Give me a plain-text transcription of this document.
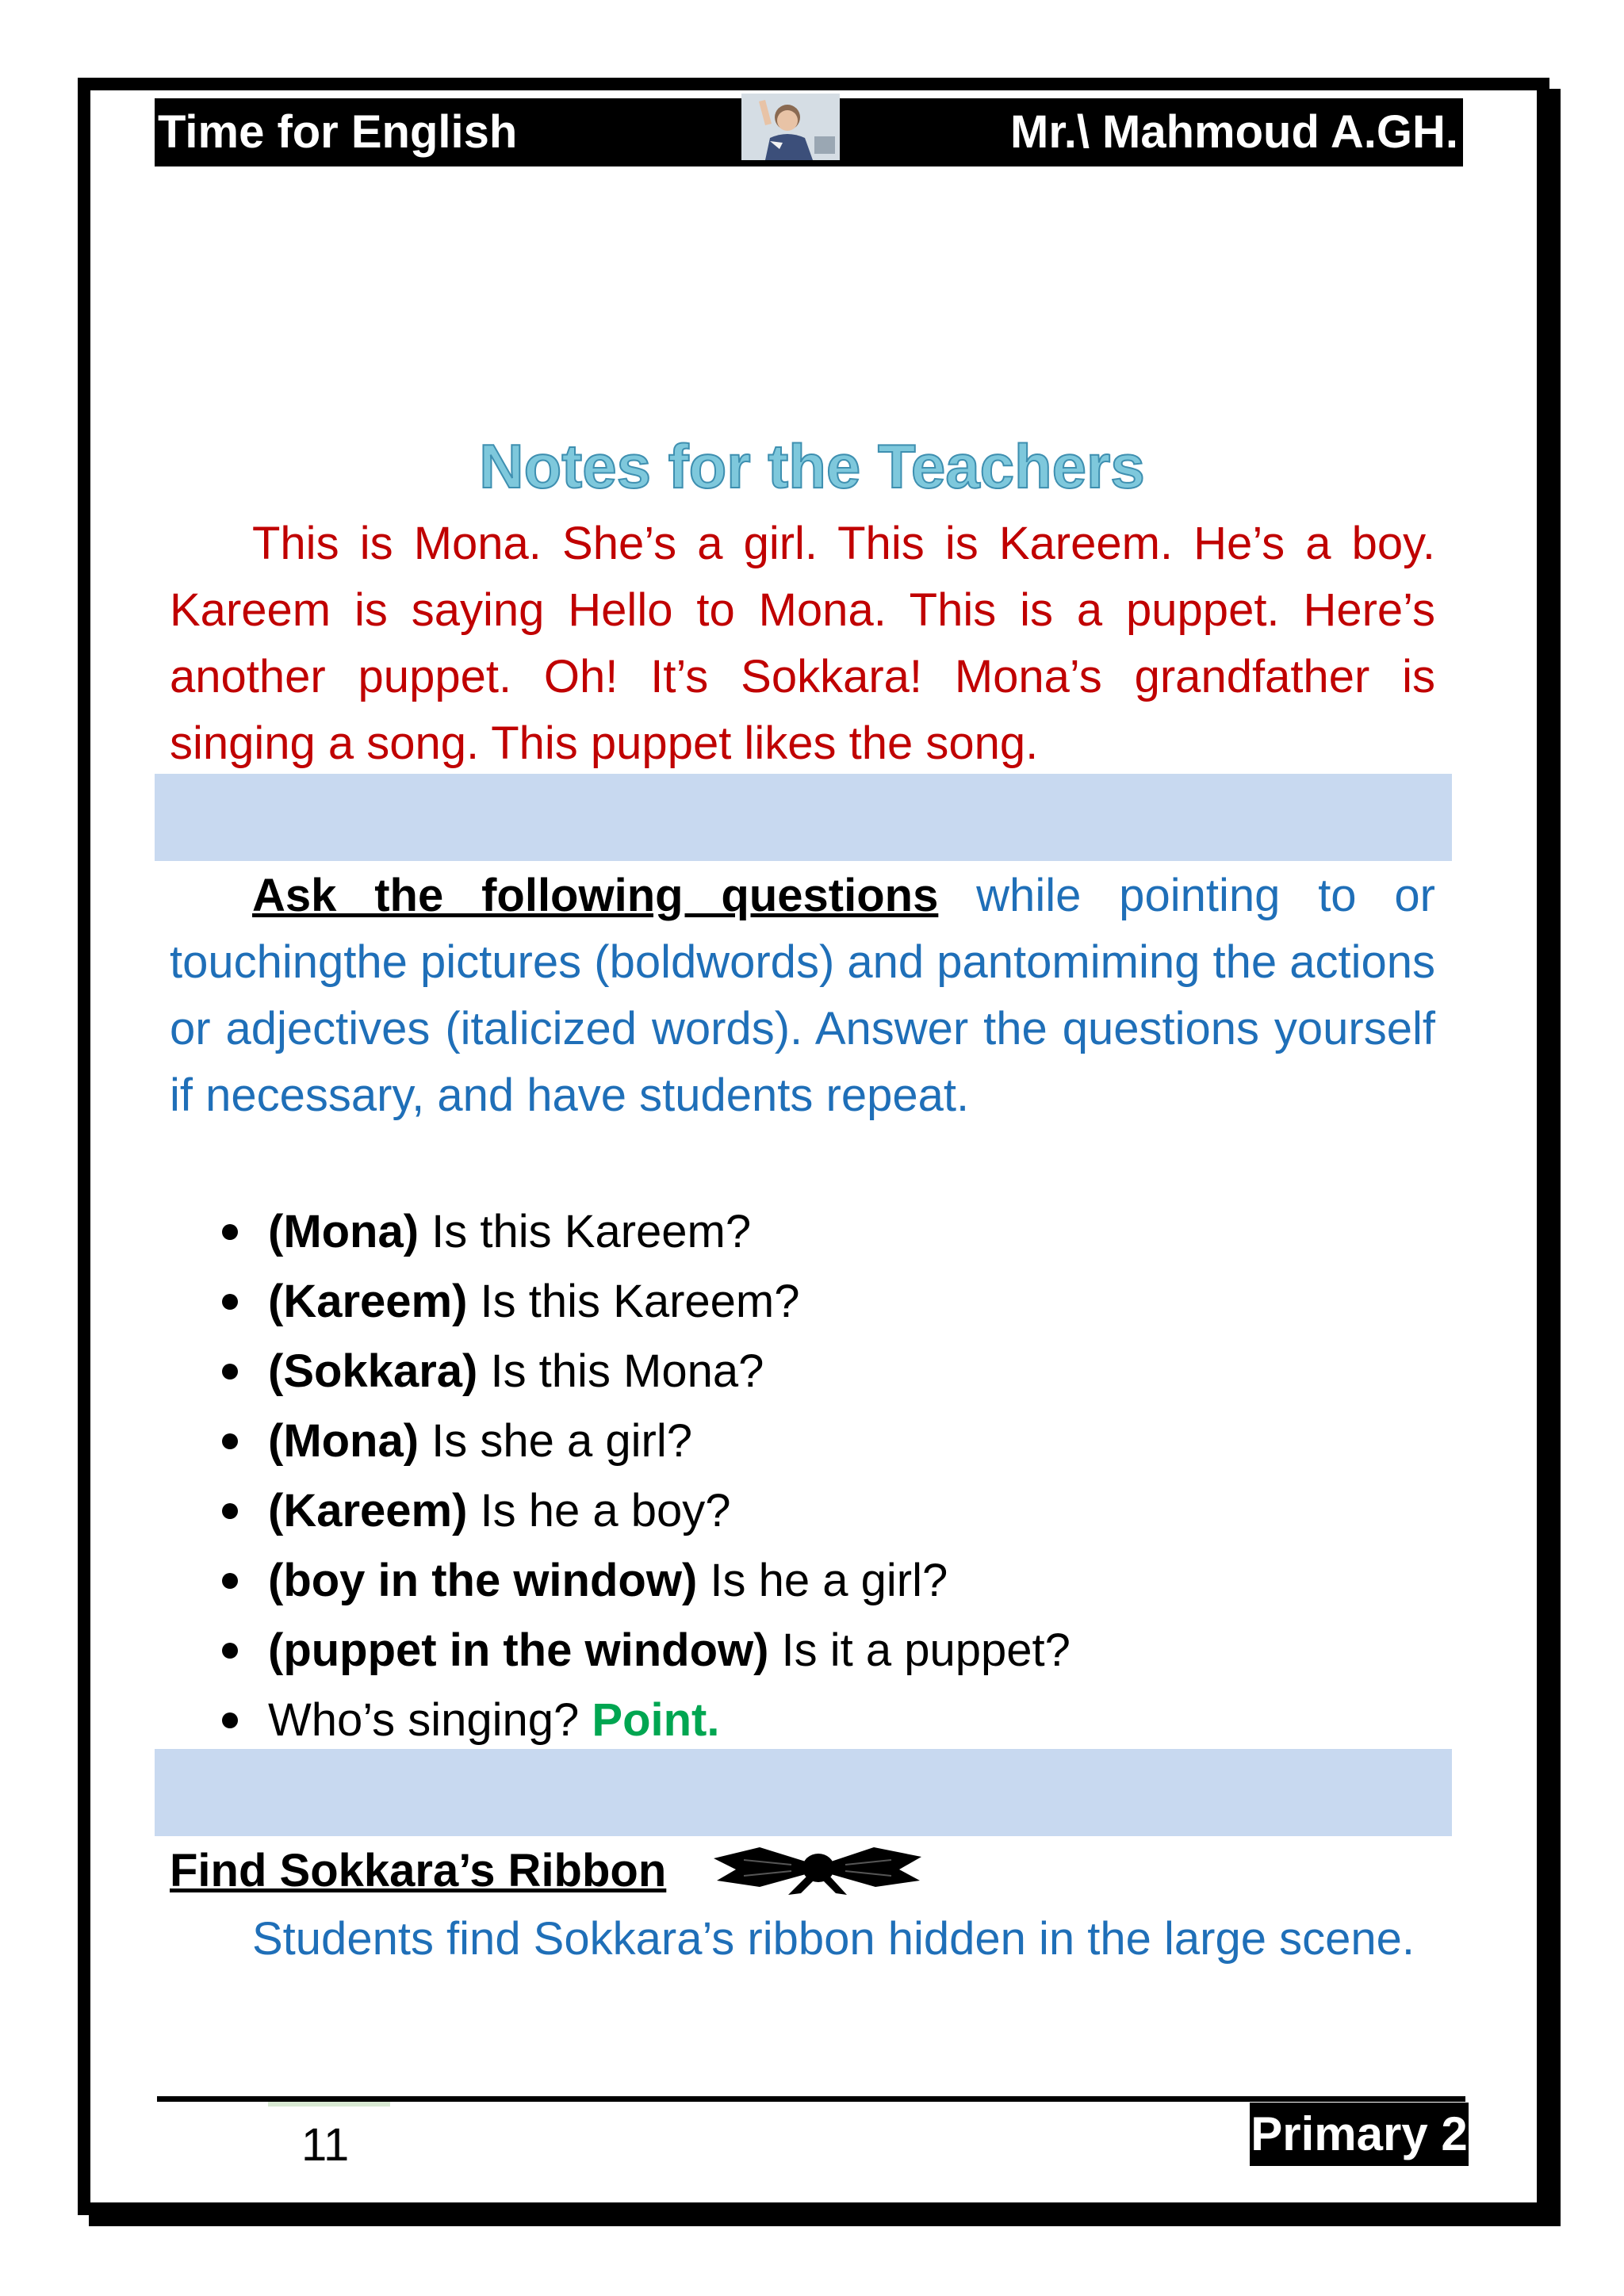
Time for English	Mr.\ Mahmoud A.GH.
Notes for the Teachers

This is Mona. She’s a girl. This is Kareem. He’s a boy. Kareem is saying Hello to Mona. This is a puppet. Here’s another puppet. Oh! It’s Sokkara! Mona’s grandfather is singing a song. This puppet likes the song.

Ask the following questions while pointing to or touchingthe pictures (boldwords) and pantomiming the actions or adjectives (italicized words). Answer the questions yourself if necessary, and have students repeat.

(Mona) Is this Kareem?
(Kareem) Is this Kareem?
(Sokkara) Is this Mona?
(Mona) Is she a girl?
(Kareem) Is he a boy?
(boy in the window) Is he a girl?
(puppet in the window) Is it a puppet?
Who’s singing? Point.
Find Sokkara’s Ribbon

Students find Sokkara’s ribbon hidden in the large scene.

11	Primary 2
